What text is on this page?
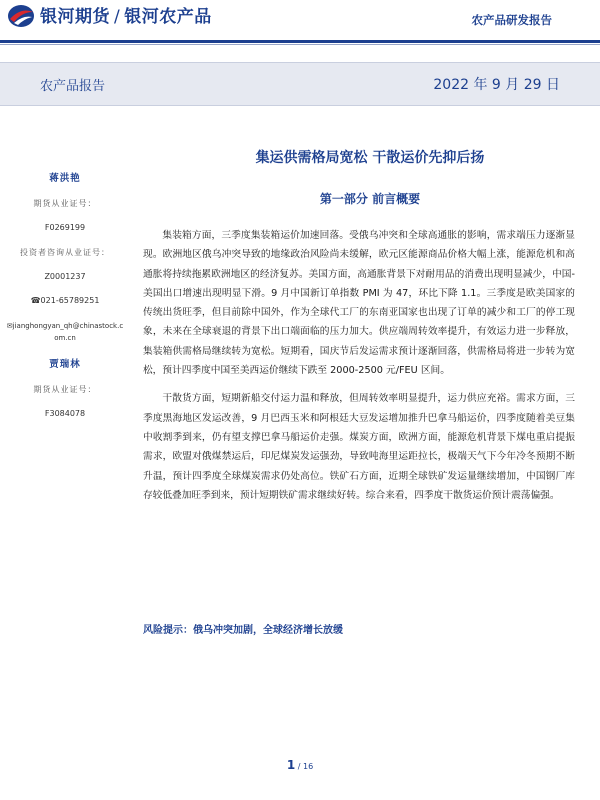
银河期货 / 银河农产品	农产品研发报告
农产品报告	2022 年 9 月 29 日
蒋洪艳
期货从业证号：
F0269199
投资者咨询从业证号：
Z0001237
☎021-65789251
✉jianghongyan_qh@chinastock.com.cn
贾瑞林
期货从业证号：
F3084078
集运供需格局宽松 干散运价先抑后扬
第一部分 前言概要

集装箱方面，三季度集装箱运价加速回落。受俄乌冲突和全球高通胀的影响，需求端压力逐渐显现。欧洲地区俄乌冲突导致的地缘政治风险尚未缓解，欧元区能源商品价格大幅上涨，能源危机和高通胀将持续拖累欧洲地区的经济复苏。美国方面，高通胀背景下对耐用品的消费出现明显减少，中国-美国出口增速出现明显下滑。9 月中国新订单指数 PMI 为 47，环比下降 1.1。三季度是欧美国家的传统出货旺季，但目前除中国外，作为全球代工厂的东南亚国家也出现了订单的减少和工厂的停工现象，未来在全球衰退的背景下出口端面临的压力加大。供应端周转效率提升，有效运力进一步释放，集装箱供需格局继续转为宽松。短期看，国庆节后发运需求预计逐渐回落，供需格局将进一步转为宽松，预计四季度中国至美西运价继续下跌至 2000-2500 元/FEU 区间。

干散货方面，短期新船交付运力温和释放，但周转效率明显提升，运力供应充裕。需求方面，三季度黑海地区发运改善，9 月巴西玉米和阿根廷大豆发运增加推升巴拿马船运价，四季度随着美豆集中收割季到来，仍有望支撑巴拿马船运价走强。煤炭方面，欧洲方面，能源危机背景下煤电重启提振需求，欧盟对俄煤禁运后，印尼煤炭发运强劲，导致吨海里运距拉长，极端天气下今年冷冬预期不断升温，预计四季度全球煤炭需求仍处高位。铁矿石方面，近期全球铁矿发运量继续增加，中国钢厂库存较低叠加旺季到来，预计短期铁矿需求继续好转。综合来看，四季度干散货运价预计震荡偏强。

风险提示：俄乌冲突加剧，全球经济增长放缓
1 / 16
